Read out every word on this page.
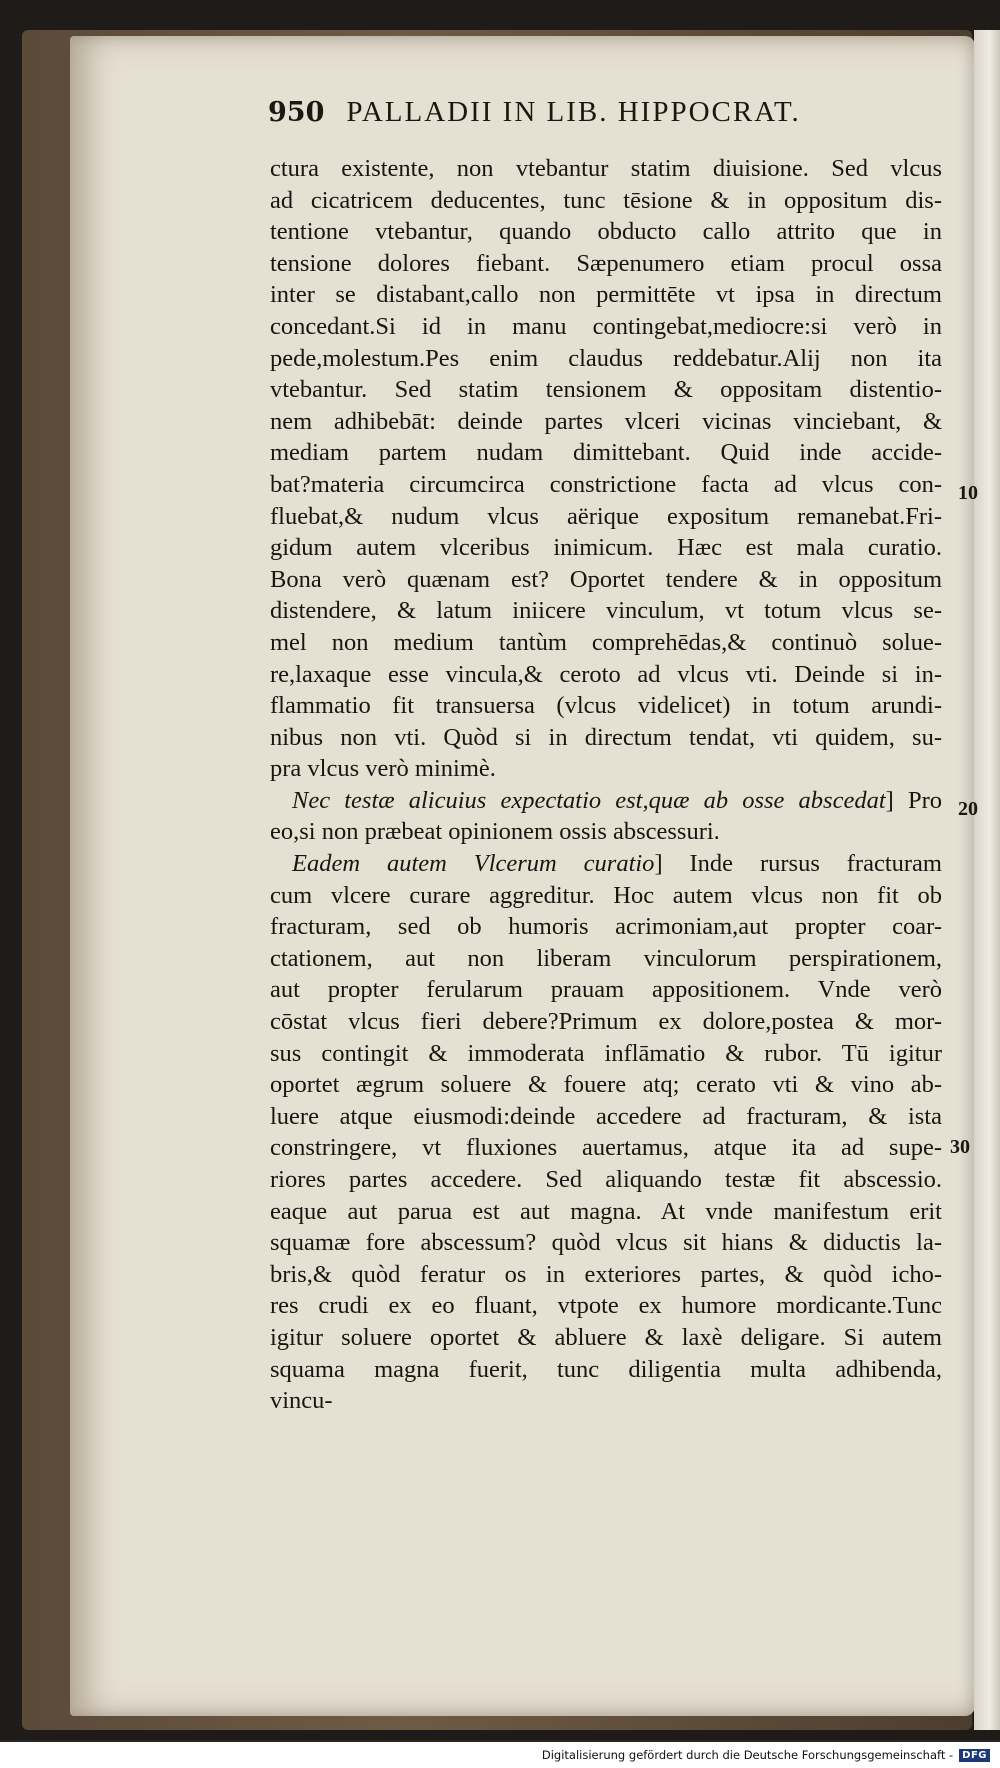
950 PALLADII IN LIB. HIPPOCRAT.
ctura existente, non vtebantur statim diuisione. Sed vlcus
ad cicatricem deducentes, tunc tēsione & in oppositum dis-
tentione vtebantur, quando obducto callo attrito que in
tensione dolores fiebant. Sæpenumero etiam procul ossa
inter se distabant,callo non permittēte vt ipsa in directum
concedant.Si id in manu contingebat,mediocre:si verò in
pede,molestum.Pes enim claudus reddebatur.Alij non ita
vtebantur. Sed statim tensionem & oppositam distentio-
nem adhibebāt: deinde partes vlceri vicinas vinciebant, &
mediam partem nudam dimittebant. Quid inde accide-
bat?materia circumcirca constrictione facta ad vlcus con-
fluebat,& nudum vlcus aërique expositum remanebat.Fri-
gidum autem vlceribus inimicum. Hæc est mala curatio.
Bona verò quænam est? Oportet tendere & in oppositum
distendere, & latum iniicere vinculum, vt totum vlcus se-
mel non medium tantùm comprehēdas,& continuò solue-
re,laxaque esse vincula,& ceroto ad vlcus vti. Deinde si in-
flammatio fit transuersa (vlcus videlicet) in totum arundi-
nibus non vti. Quòd si in directum tendat, vti quidem, su-
pra vlcus verò minimè.
Nec testæ alicuius expectatio est,quæ ab osse abscedat] Pro
eo,si non præbeat opinionem ossis abscessuri.
Eadem autem Vlcerum curatio] Inde rursus fracturam
cum vlcere curare aggreditur. Hoc autem vlcus non fit ob
fracturam, sed ob humoris acrimoniam,aut propter coar-
ctationem, aut non liberam vinculorum perspirationem,
aut propter ferularum prauam appositionem. Vnde verò
cōstat vlcus fieri debere?Primum ex dolore,postea & mor-
sus contingit & immoderata inflāmatio & rubor. Tū igitur
oportet ægrum soluere & fouere atq; cerato vti & vino ab-
luere atque eiusmodi:deinde accedere ad fracturam, & ista
constringere, vt fluxiones auertamus, atque ita ad supe-
riores partes accedere. Sed aliquando testæ fit abscessio.
eaque aut parua est aut magna. At vnde manifestum erit
squamæ fore abscessum? quòd vlcus sit hians & diductis la-
bris,& quòd feratur os in exteriores partes, & quòd icho-
res crudi ex eo fluant, vtpote ex humore mordicante.Tunc
igitur soluere oportet & abluere & laxè deligare. Si autem
squama magna fuerit, tunc diligentia multa adhibenda,
vincu-
10
20
30
Digitalisierung gefördert durch die Deutsche Forschungsgemeinschaft - DFG
